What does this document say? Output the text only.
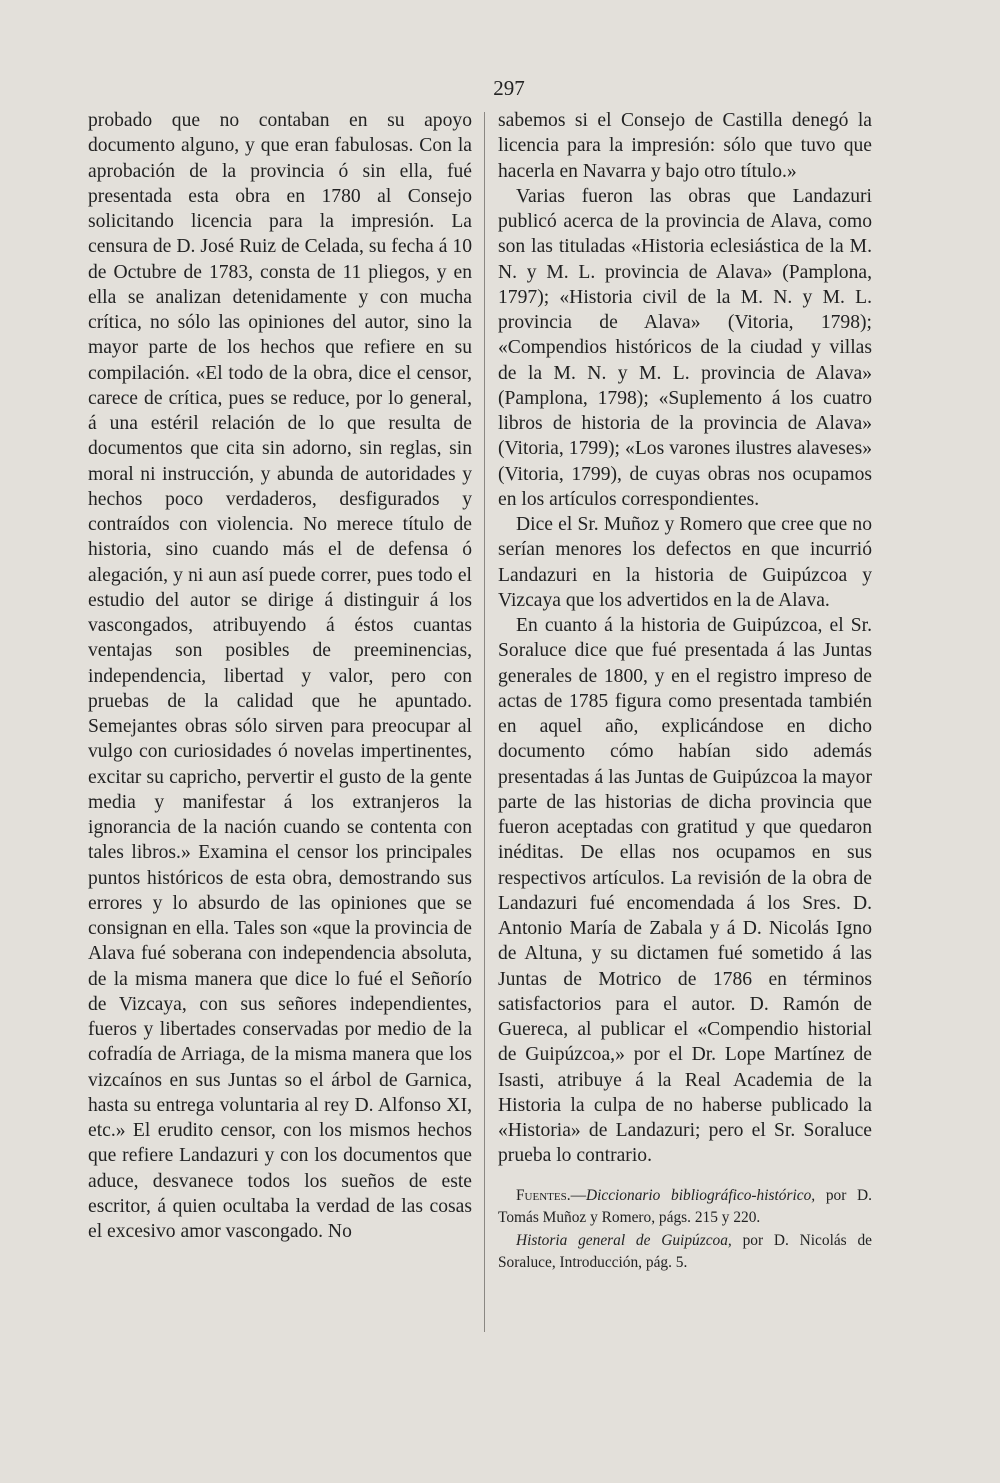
297

probado que no contaban en su apoyo documento alguno, y que eran fabulosas. Con la aprobación de la provincia ó sin ella, fué presentada esta obra en 1780 al Consejo solicitando licencia para la impresión. La censura de D. José Ruiz de Celada, su fecha á 10 de Octubre de 1783, consta de 11 pliegos, y en ella se analizan detenidamente y con mucha crítica, no sólo las opiniones del autor, sino la mayor parte de los hechos que refiere en su compilación. «El todo de la obra, dice el censor, carece de crítica, pues se reduce, por lo general, á una estéril relación de lo que resulta de documentos que cita sin adorno, sin reglas, sin moral ni instrucción, y abunda de autoridades y hechos poco verdaderos, desfigurados y contraídos con violencia. No merece título de historia, sino cuando más el de defensa ó alegación, y ni aun así puede correr, pues todo el estudio del autor se dirige á distinguir á los vascongados, atribuyendo á éstos cuantas ventajas son posibles de preeminencias, independencia, libertad y valor, pero con pruebas de la calidad que he apuntado. Semejantes obras sólo sirven para preocupar al vulgo con curiosidades ó novelas impertinentes, excitar su capricho, pervertir el gusto de la gente media y manifestar á los extranjeros la ignorancia de la nación cuando se contenta con tales libros.» Examina el censor los principales puntos históricos de esta obra, demostrando sus errores y lo absurdo de las opiniones que se consignan en ella. Tales son «que la provincia de Alava fué soberana con independencia absoluta, de la misma manera que dice lo fué el Señorío de Vizcaya, con sus señores independientes, fueros y libertades conservadas por medio de la cofradía de Arriaga, de la misma manera que los vizcaínos en sus Juntas so el árbol de Garnica, hasta su entrega voluntaria al rey D. Alfonso XI, etc.» El erudito censor, con los mismos hechos que refiere Landazuri y con los documentos que aduce, desvanece todos los sueños de este escritor, á quien ocultaba la verdad de las cosas el excesivo amor vascongado. No

sabemos si el Consejo de Castilla denegó la licencia para la impresión: sólo que tuvo que hacerla en Navarra y bajo otro título.»

Varias fueron las obras que Landazuri publicó acerca de la provincia de Alava, como son las tituladas «Historia eclesiástica de la M. N. y M. L. provincia de Alava» (Pamplona, 1797); «Historia civil de la M. N. y M. L. provincia de Alava» (Vitoria, 1798); «Compendios históricos de la ciudad y villas de la M. N. y M. L. provincia de Alava» (Pamplona, 1798); «Suplemento á los cuatro libros de historia de la provincia de Alava» (Vitoria, 1799); «Los varones ilustres alaveses» (Vitoria, 1799), de cuyas obras nos ocupamos en los artículos correspondientes.

Dice el Sr. Muñoz y Romero que cree que no serían menores los defectos en que incurrió Landazuri en la historia de Guipúzcoa y Vizcaya que los advertidos en la de Alava.

En cuanto á la historia de Guipúzcoa, el Sr. Soraluce dice que fué presentada á las Juntas generales de 1800, y en el registro impreso de actas de 1785 figura como presentada también en aquel año, explicándose en dicho documento cómo habían sido además presentadas á las Juntas de Guipúzcoa la mayor parte de las historias de dicha provincia que fueron aceptadas con gratitud y que quedaron inéditas. De ellas nos ocupamos en sus respectivos artículos. La revisión de la obra de Landazuri fué encomendada á los Sres. D. Antonio María de Zabala y á D. Nicolás Igno de Altuna, y su dictamen fué sometido á las Juntas de Motrico de 1786 en términos satisfactorios para el autor. D. Ramón de Guereca, al publicar el «Compendio historial de Guipúzcoa,» por el Dr. Lope Martínez de Isasti, atribuye á la Real Academia de la Historia la culpa de no haberse publicado la «Historia» de Landazuri; pero el Sr. Soraluce prueba lo contrario.

Fuentes.—Diccionario bibliográfico-histórico, por D. Tomás Muñoz y Romero, págs. 215 y 220.

Historia general de Guipúzcoa, por D. Nicolás de Soraluce, Introducción, pág. 5.
